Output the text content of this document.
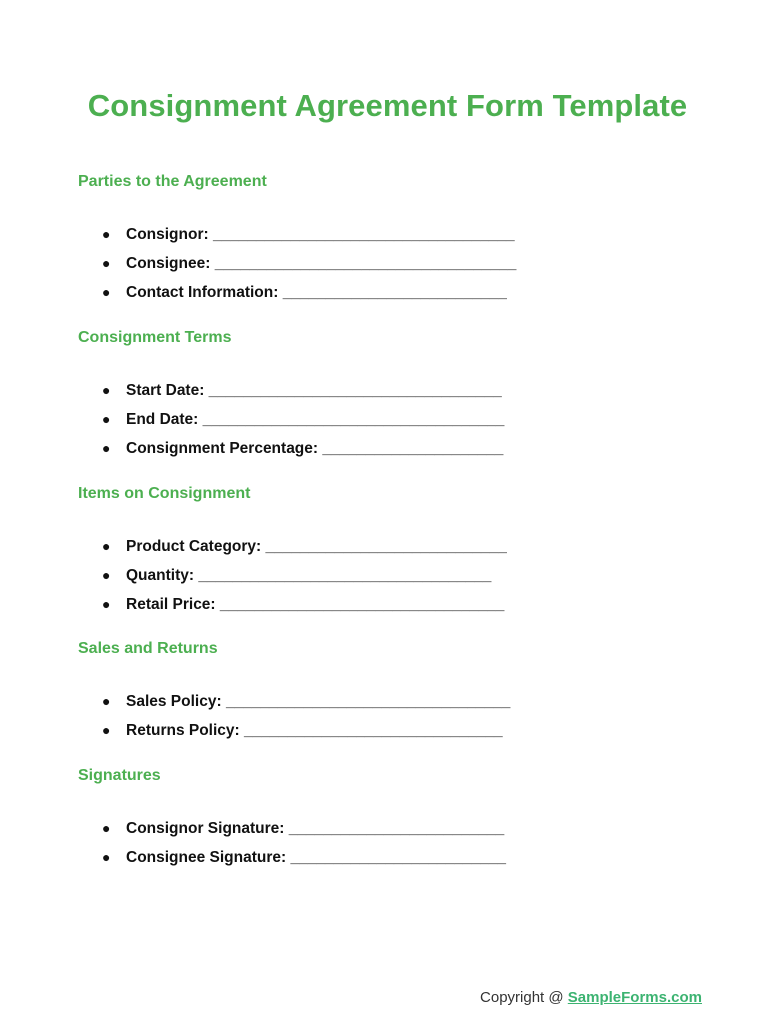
Consignment Agreement Form Template
Parties to the Agreement
● Consignor: ___________________________________
● Consignee: ___________________________________
● Contact Information: __________________________
Consignment Terms
● Start Date: __________________________________
● End Date: ___________________________________
● Consignment Percentage: _____________________
Items on Consignment
● Product Category: ____________________________
● Quantity: __________________________________
● Retail Price: _________________________________
Sales and Returns
● Sales Policy: _________________________________
● Returns Policy: ______________________________
Signatures
● Consignor Signature: _________________________
● Consignee Signature: _________________________
Copyright @ SampleForms.com
